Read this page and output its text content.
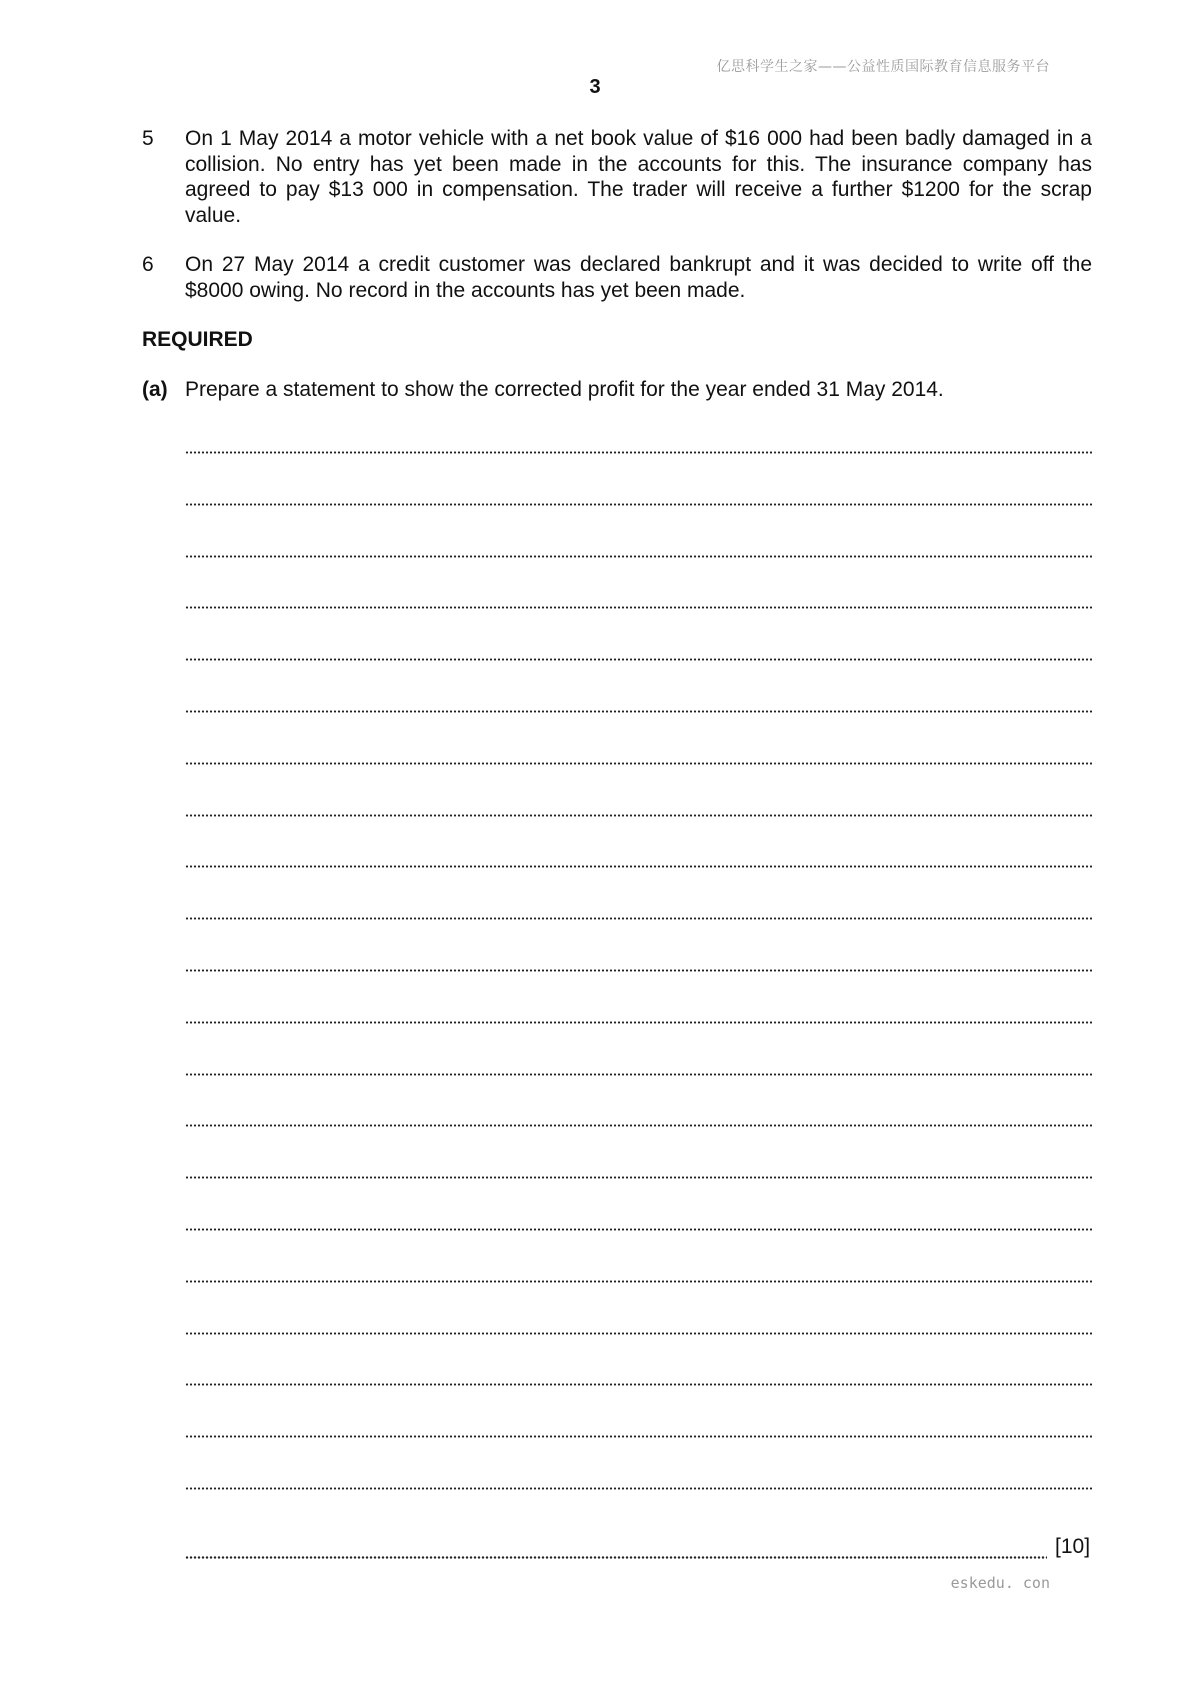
亿思科学生之家——公益性质国际教育信息服务平台
3
5 On 1 May 2014 a motor vehicle with a net book value of $16 000 had been badly damaged in a collision. No entry has yet been made in the accounts for this. The insurance company has agreed to pay $13 000 in compensation. The trader will receive a further $1200 for the scrap value.
6 On 27 May 2014 a credit customer was declared bankrupt and it was decided to write off the $8000 owing. No record in the accounts has yet been made.
REQUIRED
(a) Prepare a statement to show the corrected profit for the year ended 31 May 2014.
[10]
eskedu. con
